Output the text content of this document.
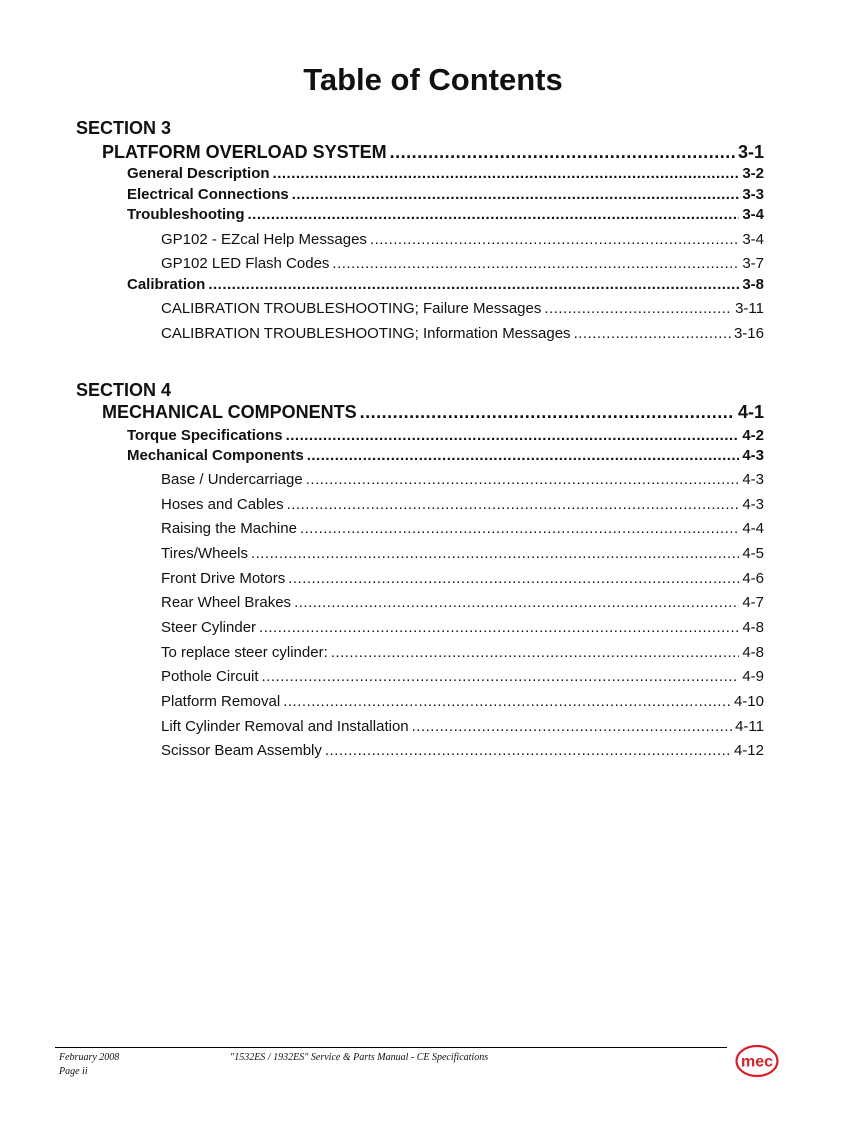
Table of Contents
SECTION 3
PLATFORM OVERLOAD SYSTEM .....	3-1
General Description .....	3-2
Electrical Connections .....	3-3
Troubleshooting .....	3-4
GP102 - EZcal Help Messages .....	3-4
GP102 LED Flash Codes .....	3-7
Calibration .....	3-8
CALIBRATION TROUBLESHOOTING; Failure Messages .....	3-11
CALIBRATION TROUBLESHOOTING; Information Messages .....	3-16
SECTION 4
MECHANICAL COMPONENTS .....	4-1
Torque Specifications .....	4-2
Mechanical Components .....	4-3
Base / Undercarriage .....	4-3
Hoses and Cables .....	4-3
Raising the Machine .....	4-4
Tires/Wheels .....	4-5
Front Drive Motors .....	4-6
Rear Wheel Brakes .....	4-7
Steer Cylinder .....	4-8
To replace steer cylinder: .....	4-8
Pothole Circuit .....	4-9
Platform Removal .....	4-10
Lift Cylinder Removal and Installation .....	4-11
Scissor Beam Assembly .....	4-12
February 2008
Page ii
"1532ES / 1932ES" Service & Parts Manual - CE Specifications	mec
